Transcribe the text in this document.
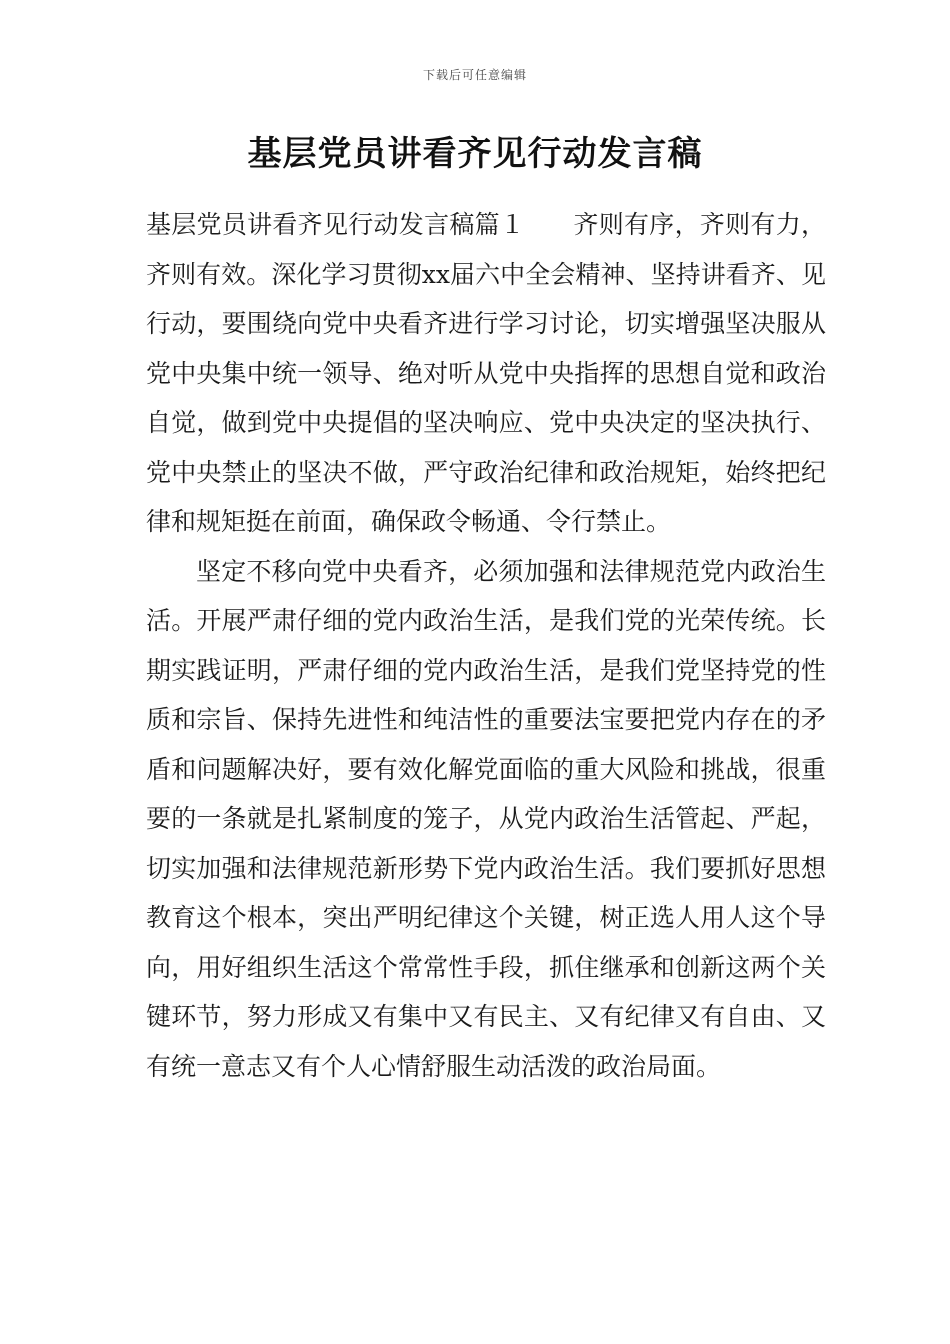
下载后可任意编辑
基层党员讲看齐见行动发言稿

基层党员讲看齐见行动发言稿篇１ 齐则有序，齐则有力，齐则有效。深化学习贯彻xx届六中全会精神、坚持讲看齐、见行动，要围绕向党中央看齐进行学习讨论，切实增强坚决服从党中央集中统一领导、绝对听从党中央指挥的思想自觉和政治自觉，做到党中央提倡的坚决响应、党中央决定的坚决执行、党中央禁止的坚决不做，严守政治纪律和政治规矩，始终把纪律和规矩挺在前面，确保政令畅通、令行禁止。

坚定不移向党中央看齐，必须加强和法律规范党内政治生活。开展严肃仔细的党内政治生活，是我们党的光荣传统。长期实践证明，严肃仔细的党内政治生活，是我们党坚持党的性质和宗旨、保持先进性和纯洁性的重要法宝要把党内存在的矛盾和问题解决好，要有效化解党面临的重大风险和挑战，很重要的一条就是扎紧制度的笼子，从党内政治生活管起、严起，切实加强和法律规范新形势下党内政治生活。我们要抓好思想教育这个根本，突出严明纪律这个关键，树正选人用人这个导向，用好组织生活这个常常性手段，抓住继承和创新这两个关键环节，努力形成又有集中又有民主、又有纪律又有自由、又有统一意志又有个人心情舒服生动活泼的政治局面。
